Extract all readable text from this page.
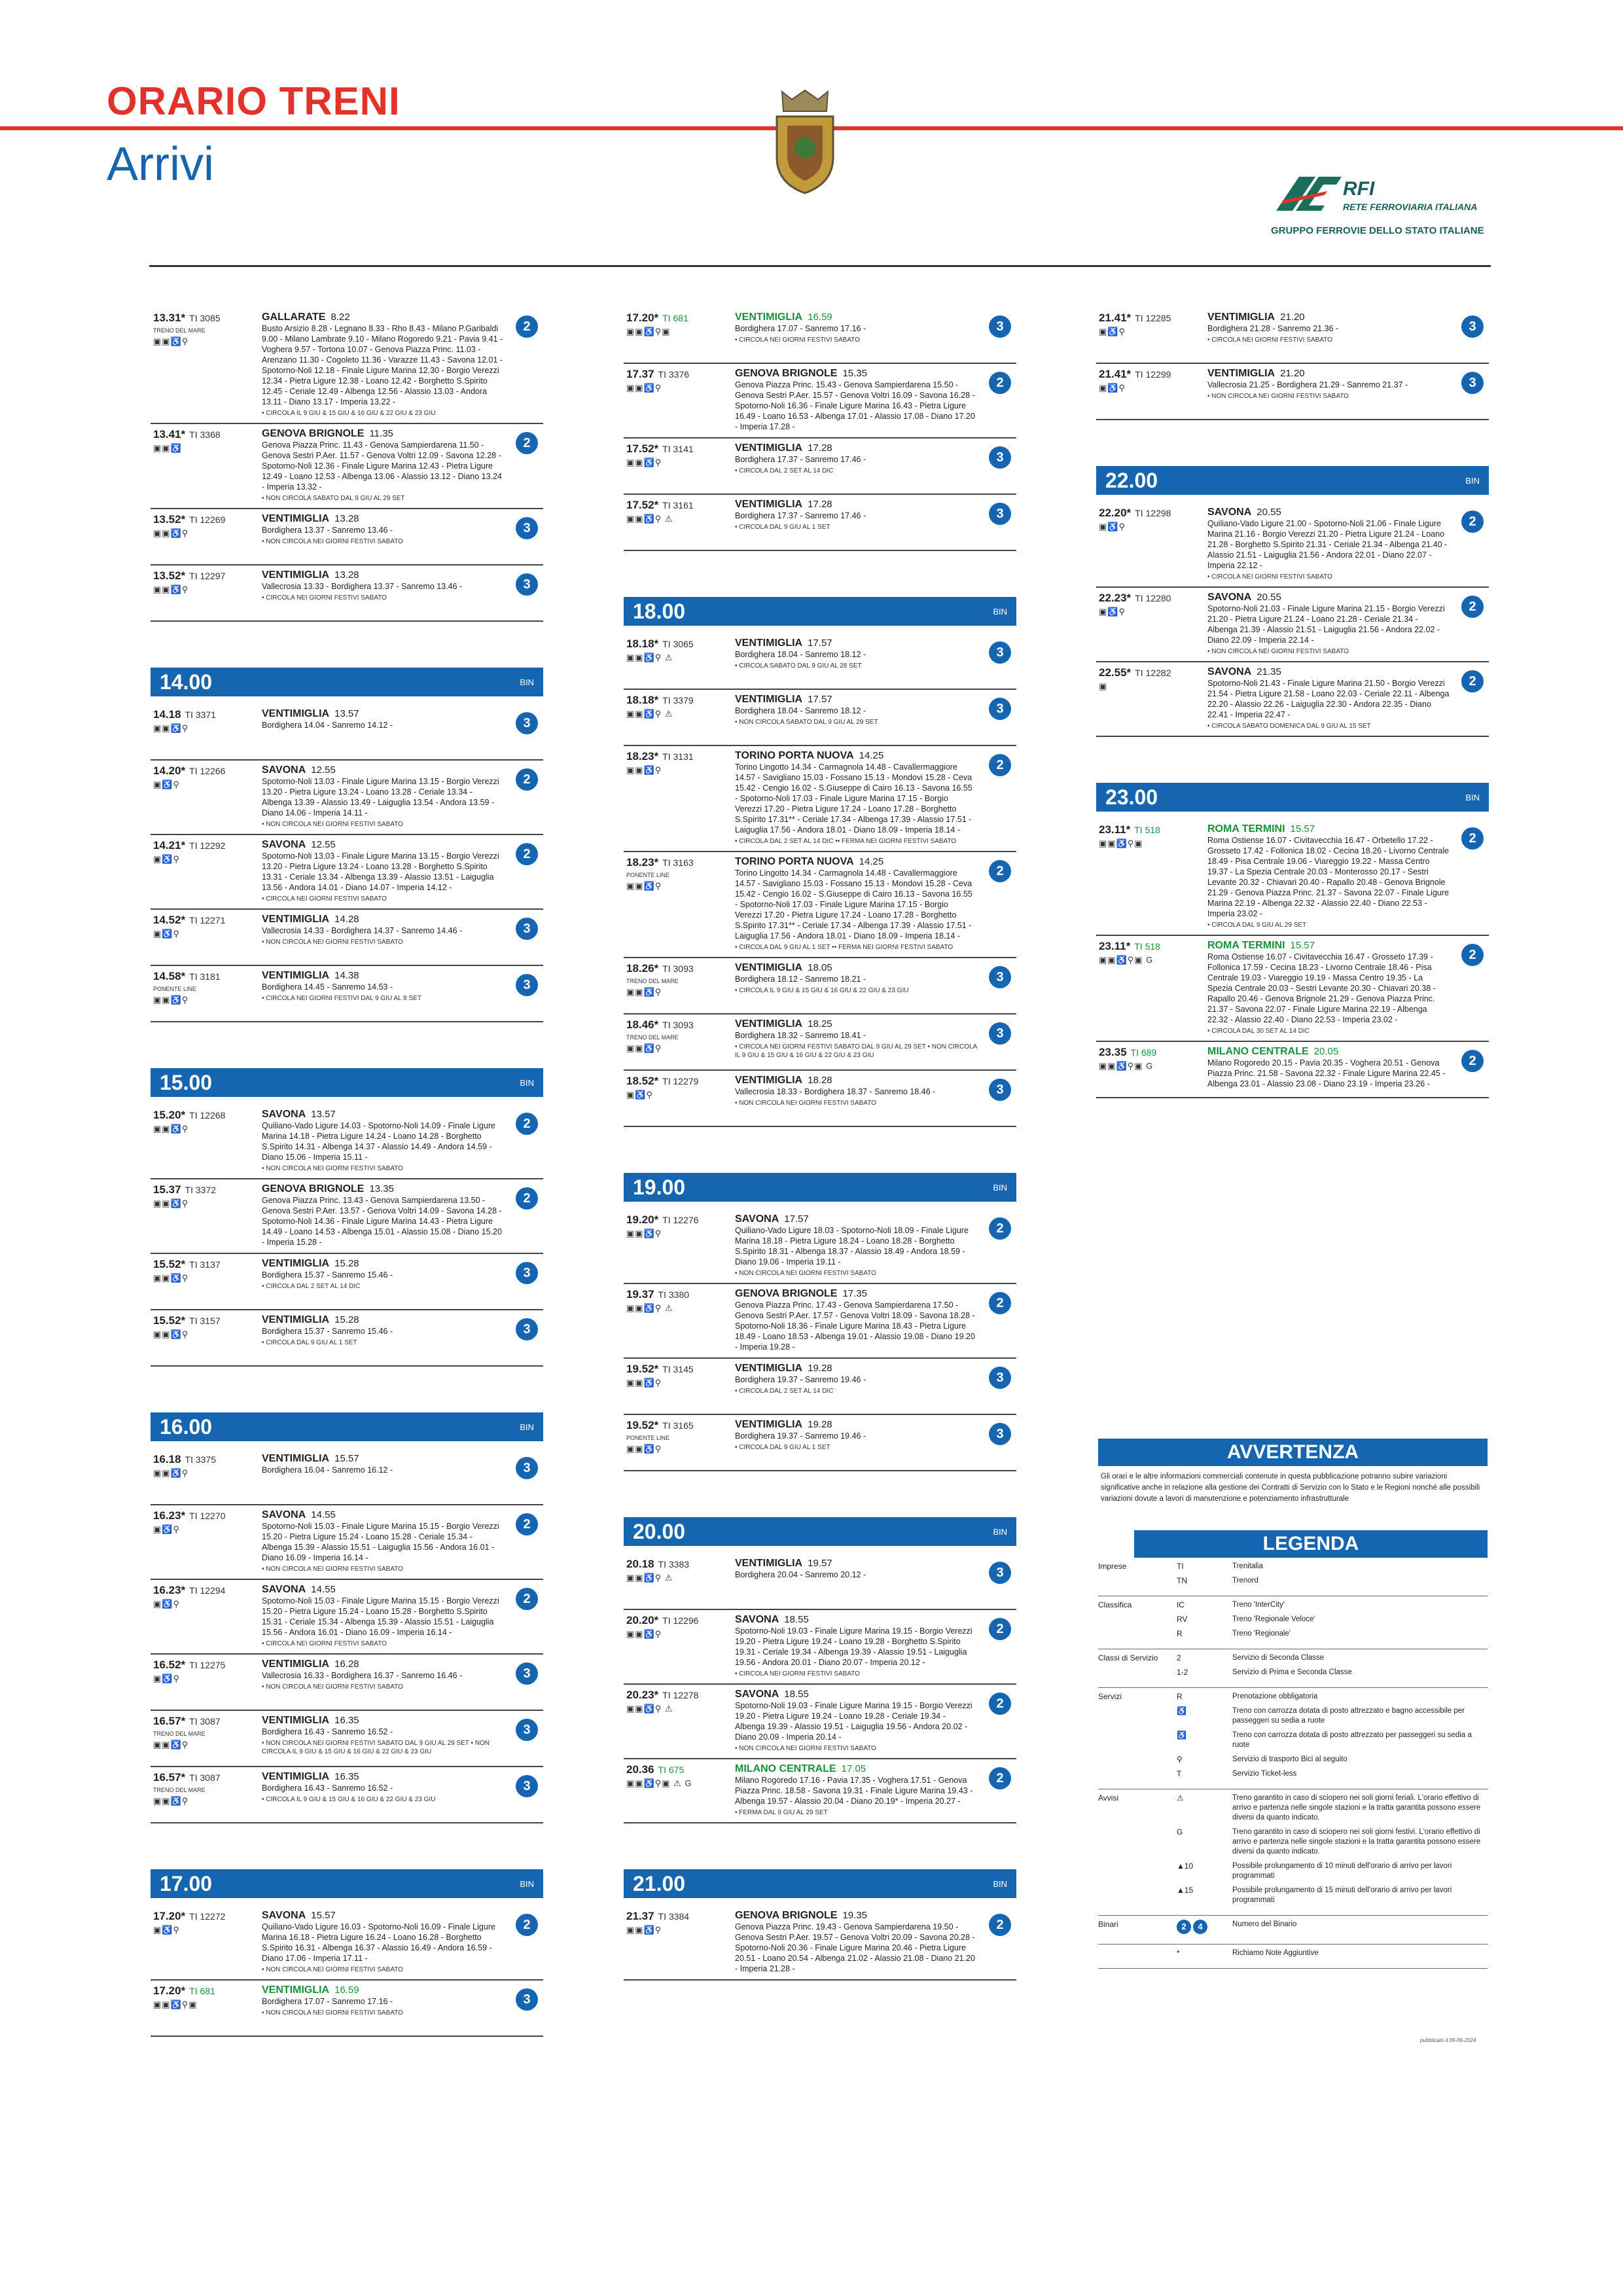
ORARIO TRENI
Arrivi	RFI
RETE FERROVIARIA ITALIANA
GRUPPO FERROVIE DELLO STATO ITALIANE
13.31* TI 3085
TRENO DEL MARE
▣▣♿⚲
GALLARATE 8.22
Busto Arsizio 8.28 - Legnano 8.33 - Rho 8.43 - Milano P.Garibaldi 9.00 - Milano Lambrate 9.10 - Milano Rogoredo 9.21 - Pavia 9.41 - Voghera 9.57 - Tortona 10.07 - Genova Piazza Princ. 11.03 - Arenzano 11.30 - Cogoleto 11.36 - Varazze 11.43 - Savona 12.01 - Spotorno-Noli 12.18 - Finale Ligure Marina 12.30 - Borgio Verezzi 12.34 - Pietra Ligure 12.38 - Loano 12.42 - Borghetto S.Spirito 12.45 - Ceriale 12.49 - Albenga 12.56 - Alassio 13.03 - Andora 13.11 - Diano 13.17 - Imperia 13.22 -
• CIRCOLA IL 9 GIU & 15 GIU & 16 GIU & 22 GIU & 23 GIU
2
13.41* TI 3368
▣▣♿
GENOVA BRIGNOLE 11.35
Genova Piazza Princ. 11.43 - Genova Sampierdarena 11.50 - Genova Sestri P.Aer. 11.57 - Genova Voltri 12.09 - Savona 12.28 - Spotorno-Noli 12.36 - Finale Ligure Marina 12.43 - Pietra Ligure 12.49 - Loano 12.53 - Albenga 13.06 - Alassio 13.12 - Diano 13.24 - Imperia 13.32 -
• NON CIRCOLA SABATO DAL 9 GIU AL 29 SET
2
13.52* TI 12269
▣▣♿⚲
VENTIMIGLIA 13.28
Bordighera 13.37 - Sanremo 13.46 -
• NON CIRCOLA NEI GIORNI FESTIVI SABATO
3
13.52* TI 12297
▣▣♿⚲
VENTIMIGLIA 13.28
Vallecrosia 13.33 - Bordighera 13.37 - Sanremo 13.46 -
• CIRCOLA NEI GIORNI FESTIVI SABATO
3
14.00	BIN
14.18 TI 3371
▣▣♿⚲
VENTIMIGLIA 13.57
Bordighera 14.04 - Sanremo 14.12 -	3
14.20* TI 12266
▣♿⚲
SAVONA 12.55
Spotorno-Noli 13.03 - Finale Ligure Marina 13.15 - Borgio Verezzi 13.20 - Pietra Ligure 13.24 - Loano 13.28 - Ceriale 13.34 - Albenga 13.39 - Alassio 13.49 - Laiguglia 13.54 - Andora 13.59 - Diano 14.06 - Imperia 14.11 -
• NON CIRCOLA NEI GIORNI FESTIVI SABATO
2
14.21* TI 12292
▣♿⚲
SAVONA 12.55
Spotorno-Noli 13.03 - Finale Ligure Marina 13.15 - Borgio Verezzi 13.20 - Pietra Ligure 13.24 - Loano 13.28 - Borghetto S.Spirito 13.31 - Ceriale 13.34 - Albenga 13.39 - Alassio 13.51 - Laiguglia 13.56 - Andora 14.01 - Diano 14.07 - Imperia 14.12 -
• CIRCOLA NEI GIORNI FESTIVI SABATO
2
14.52* TI 12271
▣♿⚲
VENTIMIGLIA 14.28
Vallecrosia 14.33 - Bordighera 14.37 - Sanremo 14.46 -
• NON CIRCOLA NEI GIORNI FESTIVI SABATO
3
14.58* TI 3181
PONENTE LINE
▣▣♿⚲
VENTIMIGLIA 14.38
Bordighera 14.45 - Sanremo 14.53 -
• CIRCOLA NEI GIORNI FESTIVI DAL 9 GIU AL 8 SET
3
15.00	BIN
15.20* TI 12268
▣▣♿⚲
SAVONA 13.57
Quiliano-Vado Ligure 14.03 - Spotorno-Noli 14.09 - Finale Ligure Marina 14.18 - Pietra Ligure 14.24 - Loano 14.28 - Borghetto S.Spirito 14.31 - Albenga 14.37 - Alassio 14.49 - Andora 14.59 - Diano 15.06 - Imperia 15.11 -
• NON CIRCOLA NEI GIORNI FESTIVI SABATO
2
15.37 TI 3372
▣▣♿⚲
GENOVA BRIGNOLE 13.35
Genova Piazza Princ. 13.43 - Genova Sampierdarena 13.50 - Genova Sestri P.Aer. 13.57 - Genova Voltri 14.09 - Savona 14.28 - Spotorno-Noli 14.36 - Finale Ligure Marina 14.43 - Pietra Ligure 14.49 - Loano 14.53 - Albenga 15.01 - Alassio 15.08 - Diano 15.20 - Imperia 15.28 -
2
15.52* TI 3137
▣▣♿⚲
VENTIMIGLIA 15.28
Bordighera 15.37 - Sanremo 15.46 -
• CIRCOLA DAL 2 SET AL 14 DIC
3
15.52* TI 3157
▣▣♿⚲
VENTIMIGLIA 15.28
Bordighera 15.37 - Sanremo 15.46 -
• CIRCOLA DAL 9 GIU AL 1 SET
3
16.00	BIN
16.18 TI 3375
▣▣♿⚲
VENTIMIGLIA 15.57
Bordighera 16.04 - Sanremo 16.12 -	3
16.23* TI 12270
▣♿⚲
SAVONA 14.55
Spotorno-Noli 15.03 - Finale Ligure Marina 15.15 - Borgio Verezzi 15.20 - Pietra Ligure 15.24 - Loano 15.28 - Ceriale 15.34 - Albenga 15.39 - Alassio 15.51 - Laiguglia 15.56 - Andora 16.01 - Diano 16.09 - Imperia 16.14 -
• NON CIRCOLA NEI GIORNI FESTIVI SABATO
2
16.23* TI 12294
▣♿⚲
SAVONA 14.55
Spotorno-Noli 15.03 - Finale Ligure Marina 15.15 - Borgio Verezzi 15.20 - Pietra Ligure 15.24 - Loano 15.28 - Borghetto S.Spirito 15.31 - Ceriale 15.34 - Albenga 15.39 - Alassio 15.51 - Laiguglia 15.56 - Andora 16.01 - Diano 16.09 - Imperia 16.14 -
• CIRCOLA NEI GIORNI FESTIVI SABATO
2
16.52* TI 12275
▣♿⚲
VENTIMIGLIA 16.28
Vallecrosia 16.33 - Bordighera 16.37 - Sanremo 16.46 -
• NON CIRCOLA NEI GIORNI FESTIVI SABATO
3
16.57* TI 3087
TRENO DEL MARE
▣▣♿⚲
VENTIMIGLIA 16.35
Bordighera 16.43 - Sanremo 16.52 -
• NON CIRCOLA NEI GIORNI FESTIVI SABATO DAL 9 GIU AL 29 SET • NON CIRCOLA IL 9 GIU & 15 GIU & 16 GIU & 22 GIU & 23 GIU
3
16.57* TI 3087
TRENO DEL MARE
▣▣♿⚲
VENTIMIGLIA 16.35
Bordighera 16.43 - Sanremo 16.52 -
• CIRCOLA IL 9 GIU & 15 GIU & 16 GIU & 22 GIU & 23 GIU
3
17.00	BIN
17.20* TI 12272
▣♿⚲
SAVONA 15.57
Quiliano-Vado Ligure 16.03 - Spotorno-Noli 16.09 - Finale Ligure Marina 16.18 - Pietra Ligure 16.24 - Loano 16.28 - Borghetto S.Spirito 16.31 - Albenga 16.37 - Alassio 16.49 - Andora 16.59 - Diano 17.06 - Imperia 17.11 -
• NON CIRCOLA NEI GIORNI FESTIVI SABATO
2
17.20* TI 681
▣▣♿⚲▣
VENTIMIGLIA 16.59
Bordighera 17.07 - Sanremo 17.16 -
• NON CIRCOLA NEI GIORNI FESTIVI SABATO
3
17.20* TI 681
▣▣♿⚲▣
VENTIMIGLIA 16.59
Bordighera 17.07 - Sanremo 17.16 -
• CIRCOLA NEI GIORNI FESTIVI SABATO
3
17.37 TI 3376
▣▣♿⚲
GENOVA BRIGNOLE 15.35
Genova Piazza Princ. 15.43 - Genova Sampierdarena 15.50 - Genova Sestri P.Aer. 15.57 - Genova Voltri 16.09 - Savona 16.28 - Spotorno-Noli 16.36 - Finale Ligure Marina 16.43 - Pietra Ligure 16.49 - Loano 16.53 - Albenga 17.01 - Alassio 17.08 - Diano 17.20 - Imperia 17.28 -
2
17.52* TI 3141
▣▣♿⚲
VENTIMIGLIA 17.28
Bordighera 17.37 - Sanremo 17.46 -
• CIRCOLA DAL 2 SET AL 14 DIC
3
17.52* TI 3161
▣▣♿⚲ ⚠
VENTIMIGLIA 17.28
Bordighera 17.37 - Sanremo 17.46 -
• CIRCOLA DAL 9 GIU AL 1 SET
3
18.00	BIN
18.18* TI 3065
▣▣♿⚲ ⚠
VENTIMIGLIA 17.57
Bordighera 18.04 - Sanremo 18.12 -
• CIRCOLA SABATO DAL 9 GIU AL 28 SET
3
18.18* TI 3379
▣▣♿⚲ ⚠
VENTIMIGLIA 17.57
Bordighera 18.04 - Sanremo 18.12 -
• NON CIRCOLA SABATO DAL 9 GIU AL 29 SET
3
18.23* TI 3131
▣▣♿⚲
TORINO PORTA NUOVA 14.25
Torino Lingotto 14.34 - Carmagnola 14.48 - Cavallermaggiore 14.57 - Savigliano 15.03 - Fossano 15.13 - Mondovi 15.28 - Ceva 15.42 - Cengio 16.02 - S.Giuseppe di Cairo 16.13 - Savona 16.55 - Spotorno-Noli 17.03 - Finale Ligure Marina 17.15 - Borgio Verezzi 17.20 - Pietra Ligure 17.24 - Loano 17.28 - Borghetto S.Spirito 17.31** - Ceriale 17.34 - Albenga 17.39 - Alassio 17.51 - Laiguglia 17.56 - Andora 18.01 - Diano 18.09 - Imperia 18.14 -
• CIRCOLA DAL 2 SET AL 14 DIC •• FERMA NEI GIORNI FESTIVI SABATO
2
18.23* TI 3163
PONENTE LINE
▣▣♿⚲
TORINO PORTA NUOVA 14.25
Torino Lingotto 14.34 - Carmagnola 14.48 - Cavallermaggiore 14.57 - Savigliano 15.03 - Fossano 15.13 - Mondovi 15.28 - Ceva 15.42 - Cengio 16.02 - S.Giuseppe di Cairo 16.13 - Savona 16.55 - Spotorno-Noli 17.03 - Finale Ligure Marina 17.15 - Borgio Verezzi 17.20 - Pietra Ligure 17.24 - Loano 17.28 - Borghetto S.Spirito 17.31** - Ceriale 17.34 - Albenga 17.39 - Alassio 17.51 - Laiguglia 17.56 - Andora 18.01 - Diano 18.09 - Imperia 18.14 -
• CIRCOLA DAL 9 GIU AL 1 SET •• FERMA NEI GIORNI FESTIVI SABATO
2
18.26* TI 3093
TRENO DEL MARE
▣▣♿⚲
VENTIMIGLIA 18.05
Bordighera 18.12 - Sanremo 18.21 -
• CIRCOLA IL 9 GIU & 15 GIU & 16 GIU & 22 GIU & 23 GIU
3
18.46* TI 3093
TRENO DEL MARE
▣▣♿⚲
VENTIMIGLIA 18.25
Bordighera 18.32 - Sanremo 18.41 -
• CIRCOLA NEI GIORNI FESTIVI SABATO DAL 9 GIU AL 29 SET • NON CIRCOLA IL 9 GIU & 15 GIU & 16 GIU & 22 GIU & 23 GIU
3
18.52* TI 12279
▣♿⚲
VENTIMIGLIA 18.28
Vallecrosia 18.33 - Bordighera 18.37 - Sanremo 18.46 -
• NON CIRCOLA NEI GIORNI FESTIVI SABATO
3
19.00	BIN
19.20* TI 12276
▣▣♿⚲
SAVONA 17.57
Quiliano-Vado Ligure 18.03 - Spotorno-Noli 18.09 - Finale Ligure Marina 18.18 - Pietra Ligure 18.24 - Loano 18.28 - Borghetto S.Spirito 18.31 - Albenga 18.37 - Alassio 18.49 - Andora 18.59 - Diano 19.06 - Imperia 19.11 -
• NON CIRCOLA NEI GIORNI FESTIVI SABATO
2
19.37 TI 3380
▣▣♿⚲ ⚠
GENOVA BRIGNOLE 17.35
Genova Piazza Princ. 17.43 - Genova Sampierdarena 17.50 - Genova Sestri P.Aer. 17.57 - Genova Voltri 18.09 - Savona 18.28 - Spotorno-Noli 18.36 - Finale Ligure Marina 18.43 - Pietra Ligure 18.49 - Loano 18.53 - Albenga 19.01 - Alassio 19.08 - Diano 19.20 - Imperia 19.28 -
2
19.52* TI 3145
▣▣♿⚲
VENTIMIGLIA 19.28
Bordighera 19.37 - Sanremo 19.46 -
• CIRCOLA DAL 2 SET AL 14 DIC
3
19.52* TI 3165
PONENTE LINE
▣▣♿⚲
VENTIMIGLIA 19.28
Bordighera 19.37 - Sanremo 19.46 -
• CIRCOLA DAL 9 GIU AL 1 SET
3
20.00	BIN
20.18 TI 3383
▣▣♿⚲ ⚠
VENTIMIGLIA 19.57
Bordighera 20.04 - Sanremo 20.12 -	3
20.20* TI 12296
▣▣♿⚲
SAVONA 18.55
Spotorno-Noli 19.03 - Finale Ligure Marina 19.15 - Borgio Verezzi 19.20 - Pietra Ligure 19.24 - Loano 19.28 - Borghetto S.Spirito 19.31 - Ceriale 19.34 - Albenga 19.39 - Alassio 19.51 - Laiguglia 19.56 - Andora 20.01 - Diano 20.07 - Imperia 20.12 -
• CIRCOLA NEI GIORNI FESTIVI SABATO
2
20.23* TI 12278
▣▣♿⚲ ⚠
SAVONA 18.55
Spotorno-Noli 19.03 - Finale Ligure Marina 19.15 - Borgio Verezzi 19.20 - Pietra Ligure 19.24 - Loano 19.28 - Ceriale 19.34 - Albenga 19.39 - Alassio 19.51 - Laiguglia 19.56 - Andora 20.02 - Diano 20.09 - Imperia 20.14 -
• NON CIRCOLA NEI GIORNI FESTIVI SABATO
2
20.36 TI 675
▣▣♿⚲▣ ⚠ G
MILANO CENTRALE 17.05
Milano Rogoredo 17.16 - Pavia 17.35 - Voghera 17.51 - Genova Piazza Princ. 18.58 - Savona 19.31 - Finale Ligure Marina 19.43 - Albenga 19.57 - Alassio 20.04 - Diano 20.19* - Imperia 20.27 -
• FERMA DAL 9 GIU AL 29 SET
2
21.00	BIN
21.37 TI 3384
▣▣♿⚲
GENOVA BRIGNOLE 19.35
Genova Piazza Princ. 19.43 - Genova Sampierdarena 19.50 - Genova Sestri P.Aer. 19.57 - Genova Voltri 20.09 - Savona 20.28 - Spotorno-Noli 20.36 - Finale Ligure Marina 20.46 - Pietra Ligure 20.51 - Loano 20.54 - Albenga 21.02 - Alassio 21.08 - Diano 21.20 - Imperia 21.28 -
2
21.41* TI 12285
▣♿⚲
VENTIMIGLIA 21.20
Bordighera 21.28 - Sanremo 21.36 -
• CIRCOLA NEI GIORNI FESTIVI SABATO
3
21.41* TI 12299
▣♿⚲
VENTIMIGLIA 21.20
Vallecrosia 21.25 - Bordighera 21.29 - Sanremo 21.37 -
• NON CIRCOLA NEI GIORNI FESTIVI SABATO
3
22.00	BIN
22.20* TI 12298
▣♿⚲
SAVONA 20.55
Quiliano-Vado Ligure 21.00 - Spotorno-Noli 21.06 - Finale Ligure Marina 21.16 - Borgio Verezzi 21.20 - Pietra Ligure 21.24 - Loano 21.28 - Borghetto S.Spirito 21.31 - Ceriale 21.34 - Albenga 21.40 - Alassio 21.51 - Laiguglia 21.56 - Andora 22.01 - Diano 22.07 - Imperia 22.12 -
• CIRCOLA NEI GIORNI FESTIVI SABATO
2
22.23* TI 12280
▣♿⚲
SAVONA 20.55
Spotorno-Noli 21.03 - Finale Ligure Marina 21.15 - Borgio Verezzi 21.20 - Pietra Ligure 21.24 - Loano 21.28 - Ceriale 21.34 - Albenga 21.39 - Alassio 21.51 - Laiguglia 21.56 - Andora 22.02 - Diano 22.09 - Imperia 22.14 -
• NON CIRCOLA NEI GIORNI FESTIVI SABATO
2
22.55* TI 12282
▣
SAVONA 21.35
Spotorno-Noli 21.43 - Finale Ligure Marina 21.50 - Borgio Verezzi 21.54 - Pietra Ligure 21.58 - Loano 22.03 - Ceriale 22.11 - Albenga 22.20 - Alassio 22.26 - Laiguglia 22.30 - Andora 22.35 - Diano 22.41 - Imperia 22.47 -
• CIRCOLA SABATO DOMENICA DAL 9 GIU AL 15 SET
2
23.00	BIN
23.11* TI 518
▣▣♿⚲▣
ROMA TERMINI 15.57
Roma Ostiense 16.07 - Civitavecchia 16.47 - Orbetello 17.22 - Grosseto 17.42 - Follonica 18.02 - Cecina 18.26 - Livorno Centrale 18.49 - Pisa Centrale 19.06 - Viareggio 19.22 - Massa Centro 19.37 - La Spezia Centrale 20.03 - Monterosso 20.17 - Sestri Levante 20.32 - Chiavari 20.40 - Rapallo 20.48 - Genova Brignole 21.29 - Genova Piazza Princ. 21.37 - Savona 22.07 - Finale Ligure Marina 22.19 - Albenga 22.32 - Alassio 22.40 - Diano 22.53 - Imperia 23.02 -
• CIRCOLA DAL 9 GIU AL 29 SET
2
23.11* TI 518
▣▣♿⚲▣ G
ROMA TERMINI 15.57
Roma Ostiense 16.07 - Civitavecchia 16.47 - Grosseto 17.39 - Follonica 17.59 - Cecina 18.23 - Livorno Centrale 18.46 - Pisa Centrale 19.03 - Viareggio 19.19 - Massa Centro 19.35 - La Spezia Centrale 20.03 - Sestri Levante 20.30 - Chiavari 20.38 - Rapallo 20.46 - Genova Brignole 21.29 - Genova Piazza Princ. 21.37 - Savona 22.07 - Finale Ligure Marina 22.19 - Albenga 22.32 - Alassio 22.40 - Diano 22.53 - Imperia 23.02 -
• CIRCOLA DAL 30 SET AL 14 DIC
2
23.35 TI 689
▣▣♿⚲▣ G
MILANO CENTRALE 20.05
Milano Rogoredo 20.15 - Pavia 20.35 - Voghera 20.51 - Genova Piazza Princ. 21.58 - Savona 22.32 - Finale Ligure Marina 22.45 - Albenga 23.01 - Alassio 23.08 - Diano 23.19 - Imperia 23.26 -
2
AVVERTENZA
Gli orari e le altre informazioni commerciali contenute in questa pubblicazione potranno subire variazioni significative anche in relazione alla gestione dei Contratti di Servizio con lo Stato e le Regioni nonché alle possibili variazioni dovute a lavori di manutenzione e potenziamento infrastrutturale
LEGENDA
Imprese	TI	Trenitalia
TN	Trenord
Classifica	IC	Treno 'InterCity'
RV	Treno 'Regionale Veloce'
R	Treno 'Regionale'
Classi di Servizio	2	Servizio di Seconda Classe
1-2	Servizio di Prima e Seconda Classe
Servizi	R	Prenotazione obbligatoria
♿	Treno con carrozza dotata di posto attrezzato e bagno accessibile per passeggeri su sedia a ruote
♿	Treno con carrozza dotata di posto attrezzato per passeggeri su sedia a ruote
⚲	Servizio di trasporto Bici al seguito
T	Servizio Ticket-less
Avvisi	⚠	Treno garantito in caso di sciopero nei soli giorni feriali. L'orario effettivo di arrivo e partenza nelle singole stazioni e la tratta garantita possono essere diversi da quanto indicato.
G	Treno garantito in caso di sciopero nei soli giorni festivi. L'orario effettivo di arrivo e partenza nelle singole stazioni e la tratta garantita possono essere diversi da quanto indicato.
▲10	Possibile prolungamento di 10 minuti dell'orario di arrivo per lavori programmati
▲15	Possibile prolungamento di 15 minuti dell'orario di arrivo per lavori programmati
Binari	2 4	Numero del Binario
*	Richiamo Note Aggiuntive
pubblicato il 09-06-2024
